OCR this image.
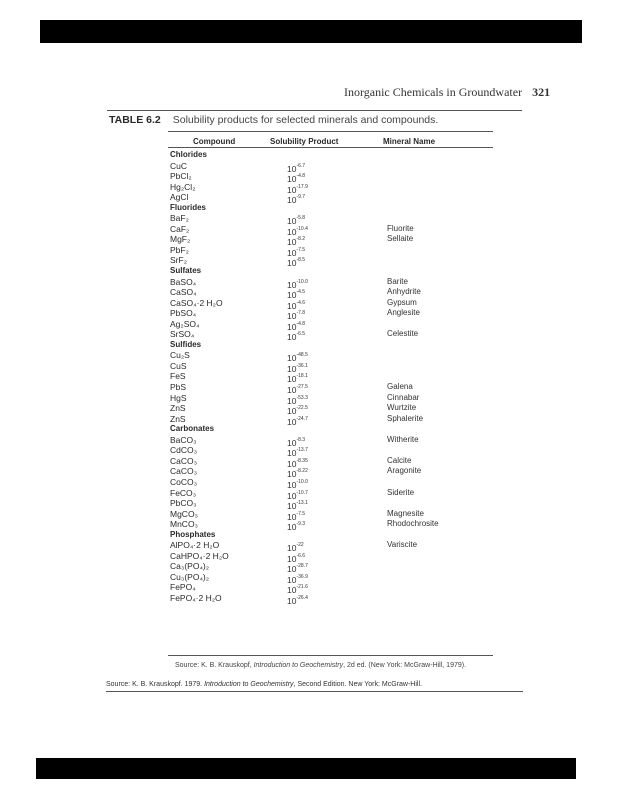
Inorganic Chemicals in Groundwater 321
TABLE 6.2 Solubility products for selected minerals and compounds.
Compound	Solubility Product	Mineral Name
Chlorides
CuC	$10^{-6.7}$
PbCl₂	$10^{-4.8}$
Hg₂Cl₂	$10^{-17.9}$
AgCl	$10^{-9.7}$
Fluorides
BaF₂	$10^{-5.8}$
CaF₂	$10^{-10.4}$	Fluorite
MgF₂	$10^{-8.2}$	Sellaite
PbF₂	$10^{-7.5}$
SrF₂	$10^{-8.5}$
Sulfates
BaSO₄	$10^{-10.0}$	Barite
CaSO₄	$10^{-4.5}$	Anhydrite
CaSO₄·2 H₂O	$10^{-4.6}$	Gypsum
PbSO₄	$10^{-7.8}$	Anglesite
Ag₂SO₄	$10^{-4.8}$
SrSO₄	$10^{-6.5}$	Celestite
Sulfides
Cu₂S	$10^{-48.5}$
CuS	$10^{-36.1}$
FeS	$10^{-18.1}$
PbS	$10^{-27.5}$	Galena
HgS	$10^{-53.3}$	Cinnabar
ZnS	$10^{-22.5}$	Wurtzite
ZnS	$10^{-24.7}$	Sphalerite
Carbonates
BaCO₃	$10^{-8.3}$	Witherite
CdCO₃	$10^{-13.7}$
CaCO₃	$10^{-8.35}$	Calcite
CaCO₃	$10^{-8.22}$	Aragonite
CoCO₃	$10^{-10.0}$
FeCO₃	$10^{-10.7}$	Siderite
PbCO₃	$10^{-13.1}$
MgCO₃	$10^{-7.5}$	Magnesite
MnCO₃	$10^{-9.3}$	Rhodochrosite
Phosphates
AlPO₄·2 H₂O	$10^{-22}$	Variscite
CaHPO₄·2 H₂O	$10^{-6.6}$
Ca₃(PO₄)₂	$10^{-28.7}$
Cu₃(PO₄)₂	$10^{-36.9}$
FePO₄	$10^{-21.6}$
FePO₄·2 H₂O	$10^{-26.4}$
Source: K. B. Krauskopf, Introduction to Geochemistry, 2d ed. (New York: McGraw-Hill, 1979).
Source: K. B. Krauskopf. 1979. Introduction to Geochemistry, Second Edition. New York: McGraw-Hill.
